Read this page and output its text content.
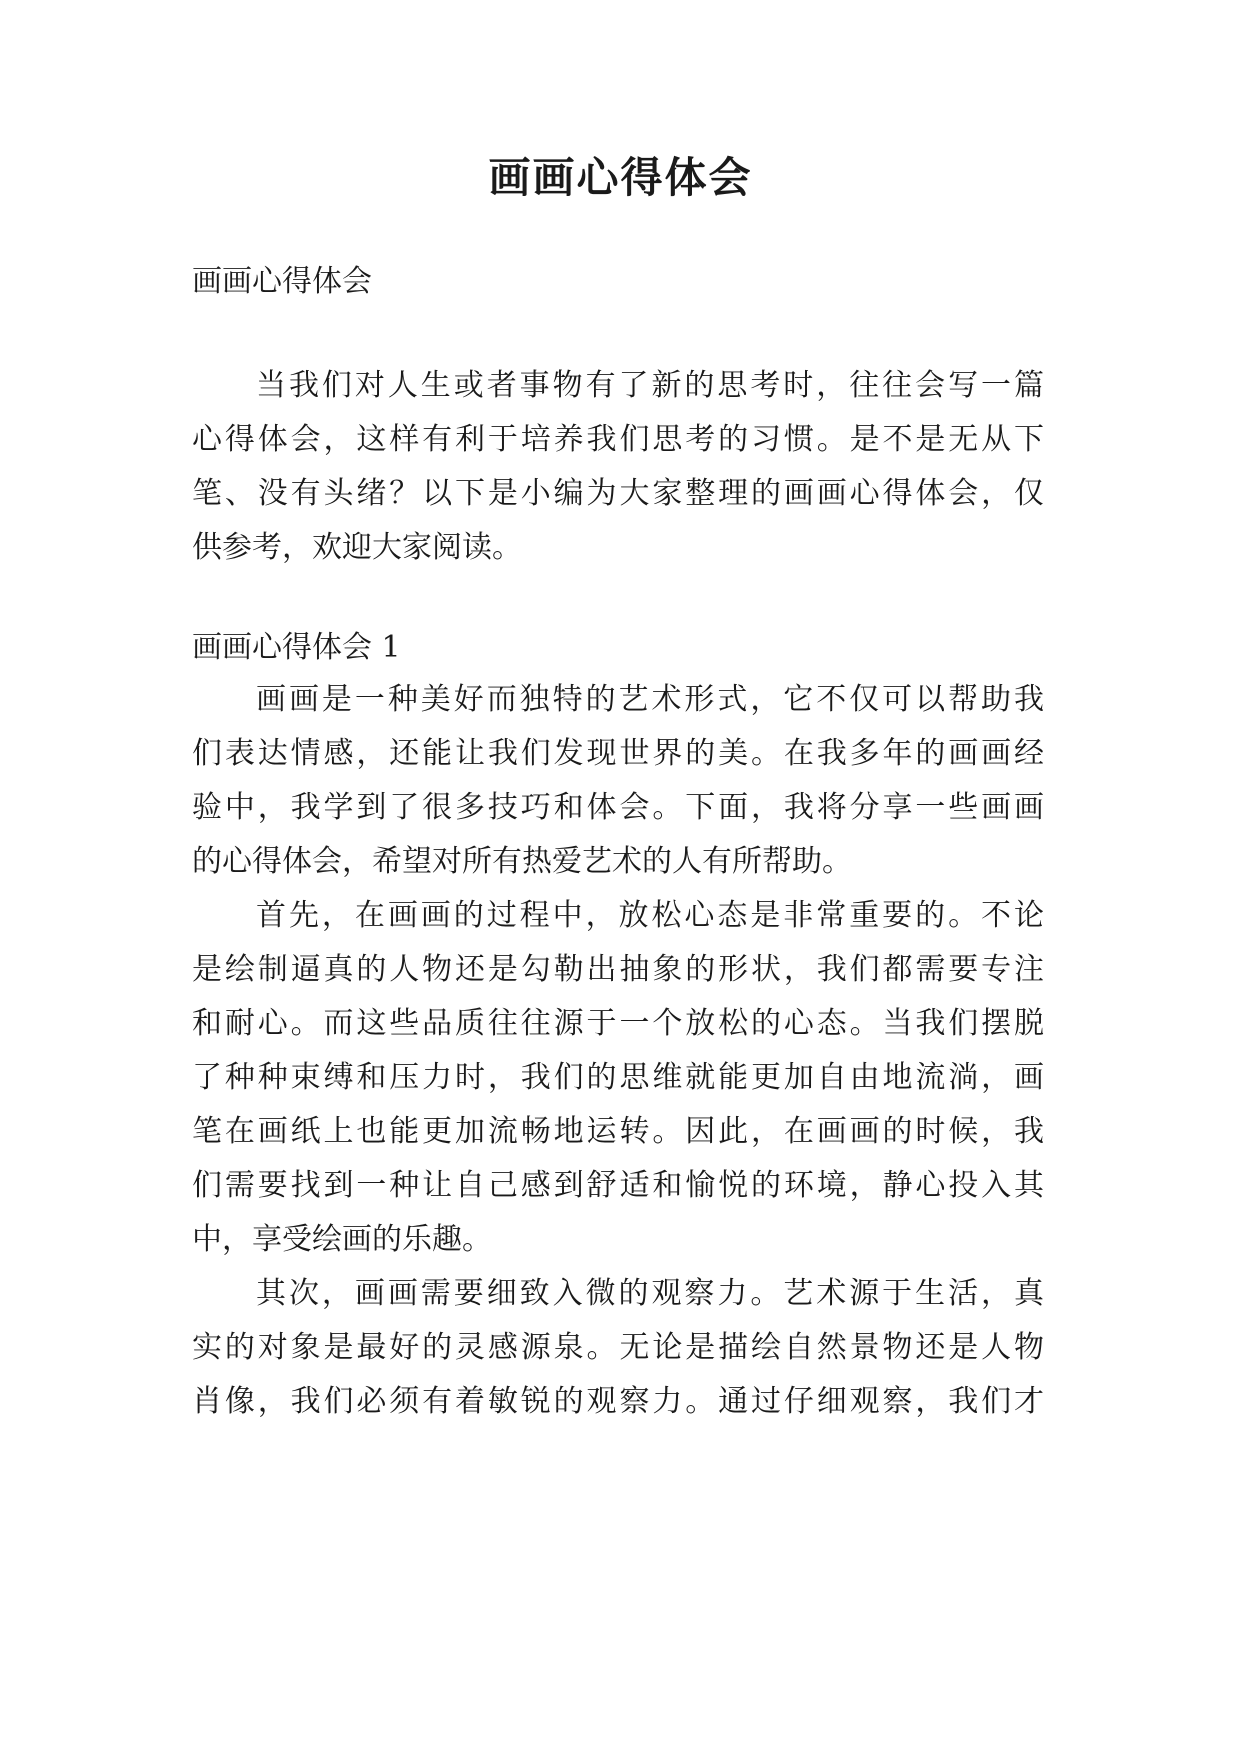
画画心得体会
画画心得体会
当我们对人生或者事物有了新的思考时，往往会写一篇
心得体会，这样有利于培养我们思考的习惯。是不是无从下
笔、没有头绪？以下是小编为大家整理的画画心得体会，仅
供参考，欢迎大家阅读。
画画心得体会 1
画画是一种美好而独特的艺术形式，它不仅可以帮助我
们表达情感，还能让我们发现世界的美。在我多年的画画经
验中，我学到了很多技巧和体会。下面，我将分享一些画画
的心得体会，希望对所有热爱艺术的人有所帮助。
首先，在画画的过程中，放松心态是非常重要的。不论
是绘制逼真的人物还是勾勒出抽象的形状，我们都需要专注
和耐心。而这些品质往往源于一个放松的心态。当我们摆脱
了种种束缚和压力时，我们的思维就能更加自由地流淌，画
笔在画纸上也能更加流畅地运转。因此，在画画的时候，我
们需要找到一种让自己感到舒适和愉悦的环境，静心投入其
中，享受绘画的乐趣。
其次，画画需要细致入微的观察力。艺术源于生活，真
实的对象是最好的灵感源泉。无论是描绘自然景物还是人物
肖像，我们必须有着敏锐的观察力。通过仔细观察，我们才
